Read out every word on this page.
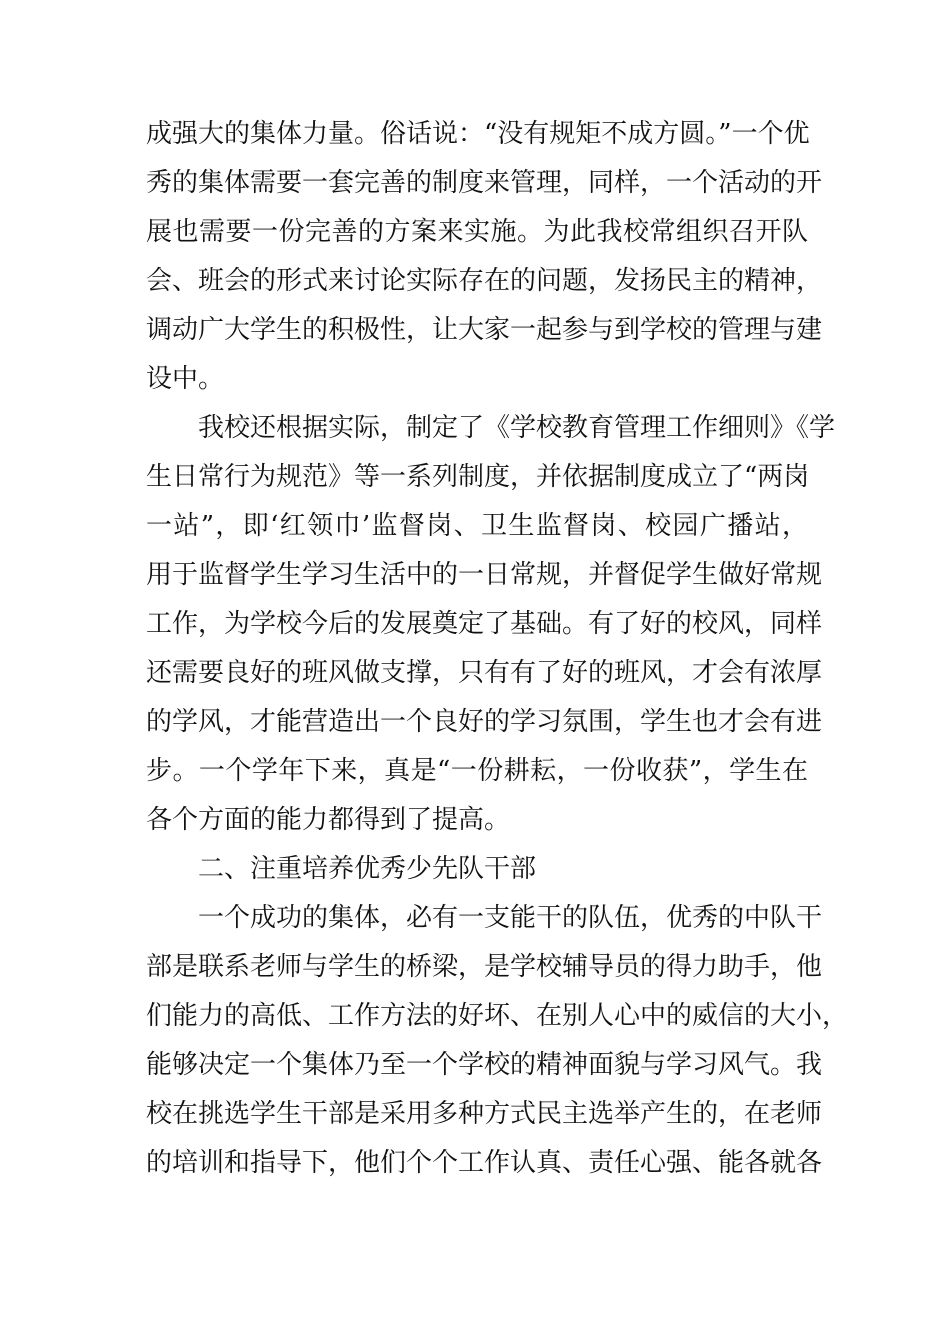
成强大的集体力量。俗话说：“没有规矩不成方圆。”一个优
秀的集体需要一套完善的制度来管理，同样，一个活动的开
展也需要一份完善的方案来实施。为此我校常组织召开队
会、班会的形式来讨论实际存在的问题，发扬民主的精神，
调动广大学生的积极性，让大家一起参与到学校的管理与建
设中。
我校还根据实际，制定了《学校教育管理工作细则》《学
生日常行为规范》等一系列制度，并依据制度成立了“两岗
一站”，即‘红领巾’监督岗、卫生监督岗、校园广播站，
用于监督学生学习生活中的一日常规，并督促学生做好常规
工作，为学校今后的发展奠定了基础。有了好的校风，同样
还需要良好的班风做支撑，只有有了好的班风，才会有浓厚
的学风，才能营造出一个良好的学习氛围，学生也才会有进
步。一个学年下来，真是“一份耕耘，一份收获”，学生在
各个方面的能力都得到了提高。
二、注重培养优秀少先队干部
一个成功的集体，必有一支能干的队伍，优秀的中队干
部是联系老师与学生的桥梁，是学校辅导员的得力助手，他
们能力的高低、工作方法的好坏、在别人心中的威信的大小，
能够决定一个集体乃至一个学校的精神面貌与学习风气。我
校在挑选学生干部是采用多种方式民主选举产生的，在老师
的培训和指导下，他们个个工作认真、责任心强、能各就各
